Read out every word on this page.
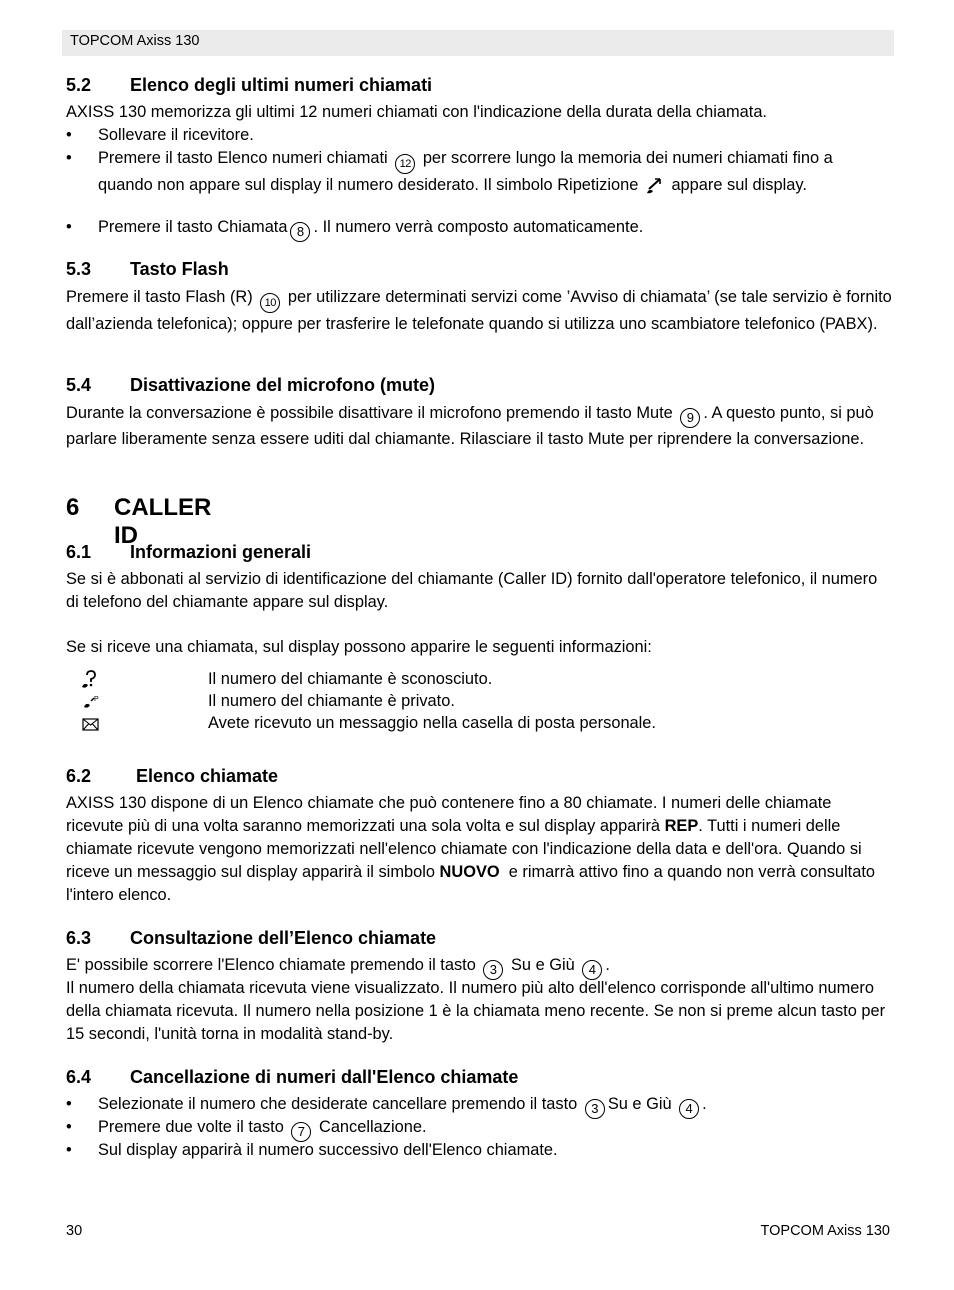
TOPCOM Axiss 130
5.2 Elenco degli ultimi numeri chiamati
AXISS 130 memorizza gli ultimi 12 numeri chiamati con l'indicazione della durata della chiamata.
• Sollevare il ricevitore.
• Premere il tasto Elenco numeri chiamati 12 per scorrere lungo la memoria dei numeri chiamati fino a quando non appare sul display il numero desiderato. Il simbolo Ripetizione appare sul display.
• Premere il tasto Chiamata 8 . Il numero verrà composto automaticamente.
5.3 Tasto Flash
Premere il tasto Flash (R) 10 per utilizzare determinati servizi come ’Avviso di chiamata’ (se tale servizio è fornito dall’azienda telefonica); oppure per trasferire le telefonate quando si utilizza uno scambiatore telefonico (PABX).
5.4 Disattivazione del microfono (mute)
Durante la conversazione è possibile disattivare il microfono premendo il tasto Mute 9 . A questo punto, si può parlare liberamente senza essere uditi dal chiamante. Rilasciare il tasto Mute per riprendere la conversazione.
6 CALLER ID
6.1 Informazioni generali
Se si è abbonati al servizio di identificazione del chiamante (Caller ID) fornito dall'operatore telefonico, il numero di telefono del chiamante appare sul display.
Se si riceve una chiamata, sul display possono apparire le seguenti informazioni:
Il numero del chiamante è sconosciuto.
P	Il numero del chiamante è privato.
Avete ricevuto un messaggio nella casella di posta personale.
6.2 Elenco chiamate
AXISS 130 dispone di un Elenco chiamate che può contenere fino a 80 chiamate. I numeri delle chiamate ricevute più di una volta saranno memorizzati una sola volta e sul display apparirà REP. Tutti i numeri delle chiamate ricevute vengono memorizzati nell'elenco chiamate con l'indicazione della data e dell'ora. Quando si riceve un messaggio sul display apparirà il simbolo NUOVO e rimarrà attivo fino a quando non verrà consultato l'intero elenco.
6.3 Consultazione dell’Elenco chiamate
E' possibile scorrere l'Elenco chiamate premendo il tasto 3 Su e Giù 4 .
Il numero della chiamata ricevuta viene visualizzato. Il numero più alto dell'elenco corrisponde all'ultimo numero della chiamata ricevuta. Il numero nella posizione 1 è la chiamata meno recente. Se non si preme alcun tasto per 15 secondi, l'unità torna in modalità stand-by.
6.4 Cancellazione di numeri dall'Elenco chiamate
• Selezionate il numero che desiderate cancellare premendo il tasto 3 Su e Giù 4 .
• Premere due volte il tasto 7 Cancellazione.
• Sul display apparirà il numero successivo dell'Elenco chiamate.
30	TOPCOM Axiss 130
